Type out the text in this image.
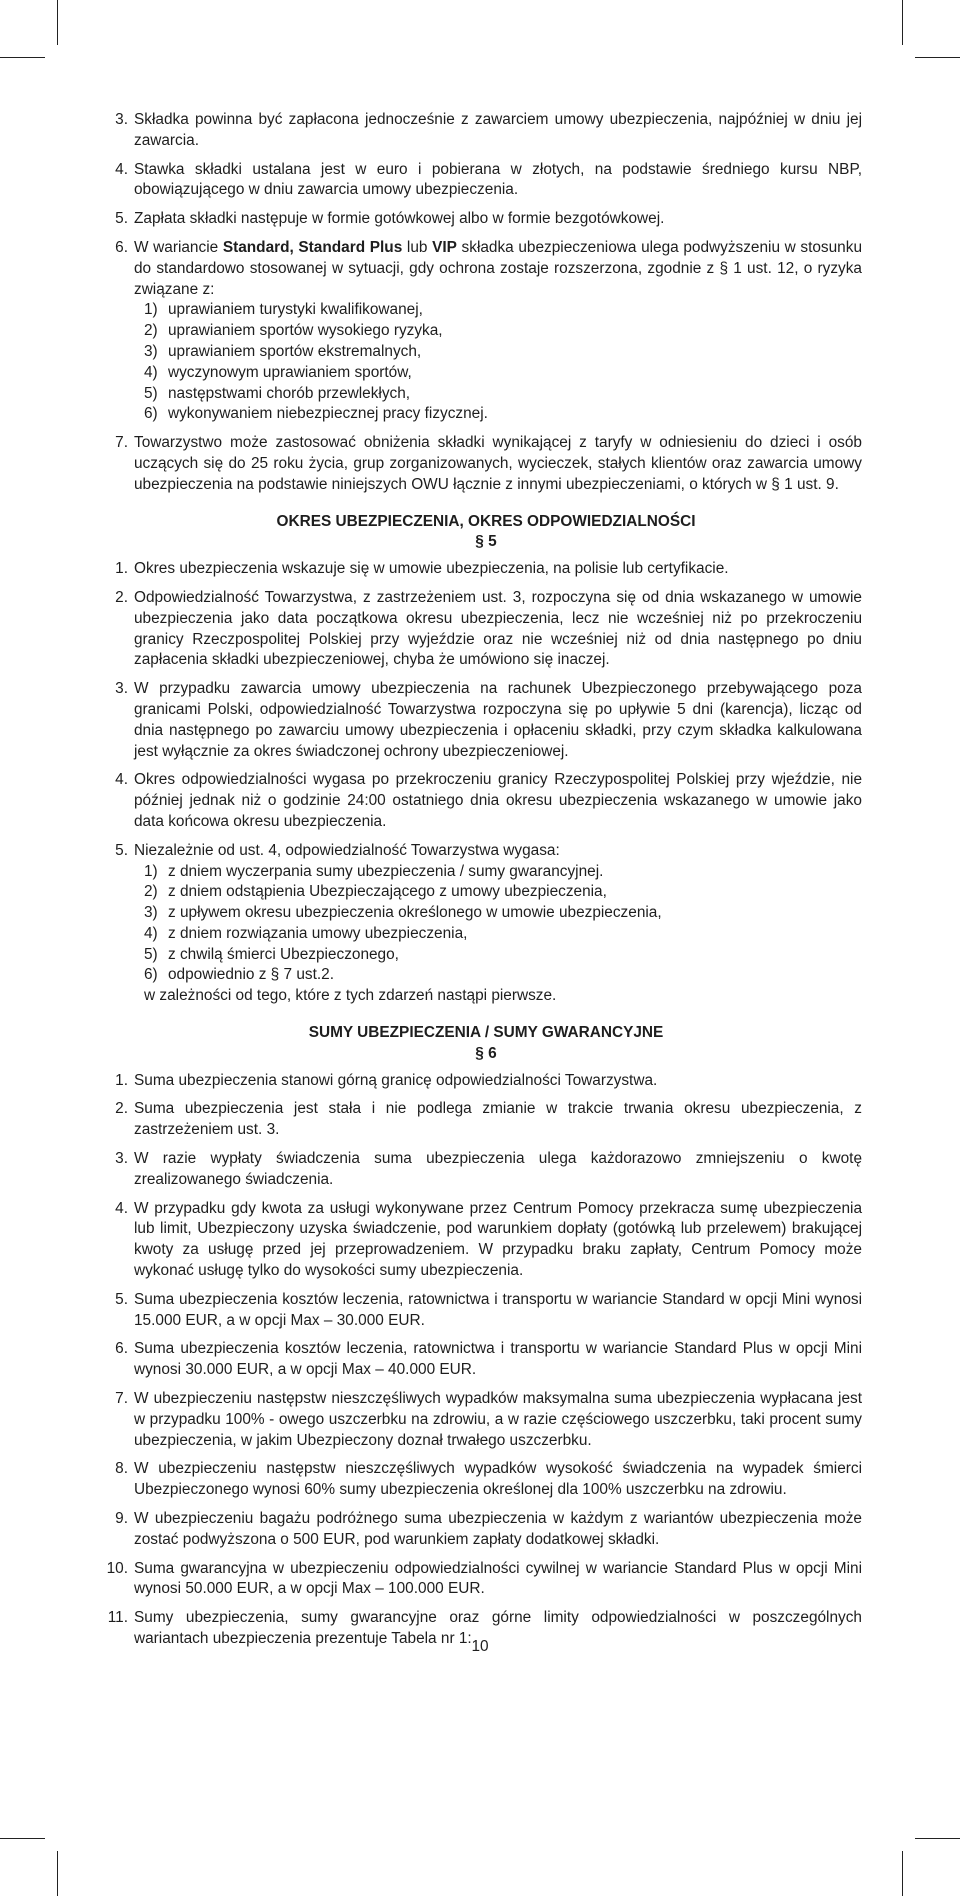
3. Składka powinna być zapłacona jednocześnie z zawarciem umowy ubezpieczenia, najpóźniej w dniu jej zawarcia.
4. Stawka składki ustalana jest w euro i pobierana w złotych, na podstawie średniego kursu NBP, obowiązującego w dniu zawarcia umowy ubezpieczenia.
5. Zapłata składki następuje w formie gotówkowej albo w formie bezgotówkowej.
6. W wariancie Standard, Standard Plus lub VIP składka ubezpieczeniowa ulega podwyższeniu w stosunku do standardowo stosowanej w sytuacji, gdy ochrona zostaje rozszerzona, zgodnie z § 1 ust. 12, o ryzyka związane z:
1) uprawianiem turystyki kwalifikowanej,
2) uprawianiem sportów wysokiego ryzyka,
3) uprawianiem sportów ekstremalnych,
4) wyczynowym uprawianiem sportów,
5) następstwami chorób przewlekłych,
6) wykonywaniem niebezpiecznej pracy fizycznej.
7. Towarzystwo może zastosować obniżenia składki wynikającej z taryfy w odniesieniu do dzieci i osób uczących się do 25 roku życia, grup zorganizowanych, wycieczek, stałych klientów oraz zawarcia umowy ubezpieczenia na podstawie niniejszych OWU łącznie z innymi ubezpieczeniami, o których w § 1 ust. 9.
OKRES UBEZPIECZENIA, OKRES ODPOWIEDZIALNOŚCI
§ 5
1. Okres ubezpieczenia wskazuje się w umowie ubezpieczenia, na polisie lub certyfikacie.
2. Odpowiedzialność Towarzystwa, z zastrzeżeniem ust. 3, rozpoczyna się od dnia wskazanego w umowie ubezpieczenia jako data początkowa okresu ubezpieczenia, lecz nie wcześniej niż po przekroczeniu granicy Rzeczpospolitej Polskiej przy wyjeździe oraz nie wcześniej niż od dnia następnego po dniu zapłacenia składki ubezpieczeniowej, chyba że umówiono się inaczej.
3. W przypadku zawarcia umowy ubezpieczenia na rachunek Ubezpieczonego przebywającego poza granicami Polski, odpowiedzialność Towarzystwa rozpoczyna się po upływie 5 dni (karencja), licząc od dnia następnego po zawarciu umowy ubezpieczenia i opłaceniu składki, przy czym składka kalkulowana jest wyłącznie za okres świadczonej ochrony ubezpieczeniowej.
4. Okres odpowiedzialności wygasa po przekroczeniu granicy Rzeczypospolitej Polskiej przy wjeździe, nie później jednak niż o godzinie 24:00 ostatniego dnia okresu ubezpieczenia wskazanego w umowie jako data końcowa okresu ubezpieczenia.
5. Niezależnie od ust. 4, odpowiedzialność Towarzystwa wygasa:
1) z dniem wyczerpania sumy ubezpieczenia / sumy gwarancyjnej.
2) z dniem odstąpienia Ubezpieczającego z umowy ubezpieczenia,
3) z upływem okresu ubezpieczenia określonego w umowie ubezpieczenia,
4) z dniem rozwiązania umowy ubezpieczenia,
5) z chwilą śmierci Ubezpieczonego,
6) odpowiednio z § 7 ust.2.
w zależności od tego, które z tych zdarzeń nastąpi pierwsze.
SUMY UBEZPIECZENIA / SUMY GWARANCYJNE
§ 6
1. Suma ubezpieczenia stanowi górną granicę odpowiedzialności Towarzystwa.
2. Suma ubezpieczenia jest stała i nie podlega zmianie w trakcie trwania okresu ubezpieczenia, z zastrzeżeniem ust. 3.
3. W razie wypłaty świadczenia suma ubezpieczenia ulega każdorazowo zmniejszeniu o kwotę zrealizowanego świadczenia.
4. W przypadku gdy kwota za usługi wykonywane przez Centrum Pomocy przekracza sumę ubezpieczenia lub limit, Ubezpieczony uzyska świadczenie, pod warunkiem dopłaty (gotówką lub przelewem) brakującej kwoty za usługę przed jej przeprowadzeniem. W przypadku braku zapłaty, Centrum Pomocy może wykonać usługę tylko do wysokości sumy ubezpieczenia.
5. Suma ubezpieczenia kosztów leczenia, ratownictwa i transportu w wariancie Standard w opcji Mini wynosi 15.000 EUR, a w opcji Max – 30.000 EUR.
6. Suma ubezpieczenia kosztów leczenia, ratownictwa i transportu w wariancie Standard Plus w opcji Mini wynosi 30.000 EUR, a w opcji Max – 40.000 EUR.
7. W ubezpieczeniu następstw nieszczęśliwych wypadków maksymalna suma ubezpieczenia wypłacana jest w przypadku 100% - owego uszczerbku na zdrowiu, a w razie częściowego uszczerbku, taki procent sumy ubezpieczenia, w jakim Ubezpieczony doznał trwałego uszczerbku.
8. W ubezpieczeniu następstw nieszczęśliwych wypadków wysokość świadczenia na wypadek śmierci Ubezpieczonego wynosi 60% sumy ubezpieczenia określonej dla 100% uszczerbku na zdrowiu.
9. W ubezpieczeniu bagażu podróżnego suma ubezpieczenia w każdym z wariantów ubezpieczenia może zostać podwyższona o 500 EUR, pod warunkiem zapłaty dodatkowej składki.
10. Suma gwarancyjna w ubezpieczeniu odpowiedzialności cywilnej w wariancie Standard Plus w opcji Mini wynosi 50.000 EUR, a w opcji Max – 100.000 EUR.
11. Sumy ubezpieczenia, sumy gwarancyjne oraz górne limity odpowiedzialności w poszczególnych wariantach ubezpieczenia prezentuje Tabela nr 1: 10
